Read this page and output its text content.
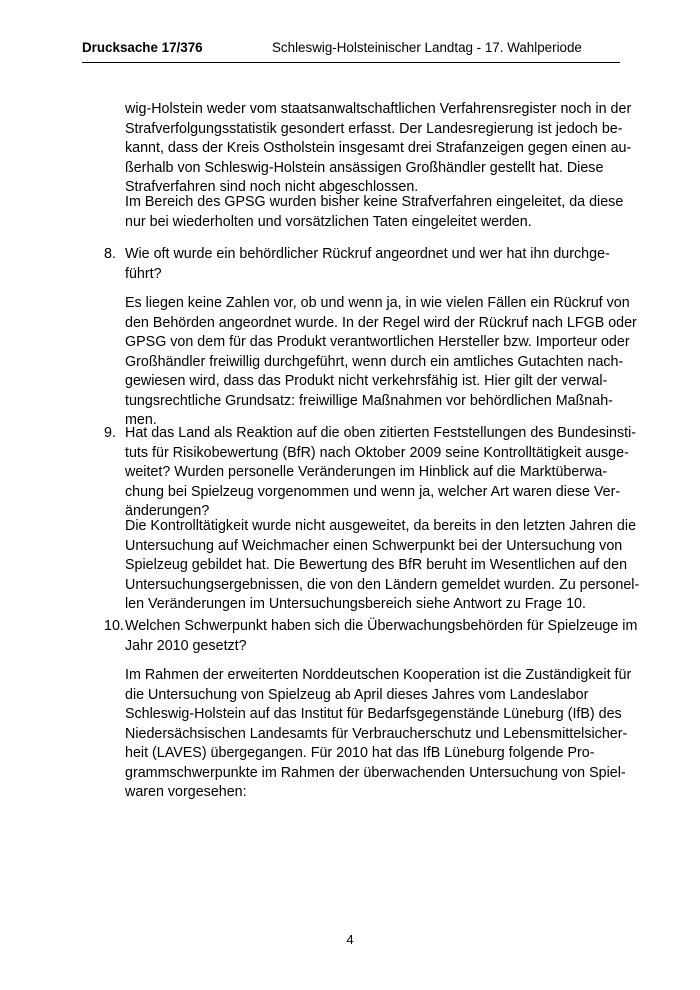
Drucksache 17/376	Schleswig-Holsteinischer Landtag - 17. Wahlperiode
wig-Holstein weder vom staatsanwaltschaftlichen Verfahrensregister noch in der
Strafverfolgungsstatistik gesondert erfasst. Der Landesregierung ist jedoch be-
kannt, dass der Kreis Ostholstein insgesamt drei Strafanzeigen gegen einen au-
ßerhalb von Schleswig-Holstein ansässigen Großhändler gestellt hat. Diese
Strafverfahren sind noch nicht abgeschlossen.
Im Bereich des GPSG wurden bisher keine Strafverfahren eingeleitet, da diese
nur bei wiederholten und vorsätzlichen Taten eingeleitet werden.
8. Wie oft wurde ein behördlicher Rückruf angeordnet und wer hat ihn durchge-
führt?
Es liegen keine Zahlen vor, ob und wenn ja, in wie vielen Fällen ein Rückruf von
den Behörden angeordnet wurde. In der Regel wird der Rückruf nach LFGB oder
GPSG von dem für das Produkt verantwortlichen Hersteller bzw. Importeur oder
Großhändler freiwillig durchgeführt, wenn durch ein amtliches Gutachten nach-
gewiesen wird, dass das Produkt nicht verkehrsfähig ist. Hier gilt der verwal-
tungsrechtliche Grundsatz: freiwillige Maßnahmen vor behördlichen Maßnah-
men.
9. Hat das Land als Reaktion auf die oben zitierten Feststellungen des Bundesinsti-
tuts für Risikobewertung (BfR) nach Oktober 2009 seine Kontrolltätigkeit ausge-
weitet? Wurden personelle Veränderungen im Hinblick auf die Marktüberwa-
chung bei Spielzeug vorgenommen und wenn ja, welcher Art waren diese Ver-
änderungen?
Die Kontrolltätigkeit wurde nicht ausgeweitet, da bereits in den letzten Jahren die
Untersuchung auf Weichmacher einen Schwerpunkt bei der Untersuchung von
Spielzeug gebildet hat. Die Bewertung des BfR beruht im Wesentlichen auf den
Untersuchungsergebnissen, die von den Ländern gemeldet wurden. Zu personel-
len Veränderungen im Untersuchungsbereich siehe Antwort zu Frage 10.
10. Welchen Schwerpunkt haben sich die Überwachungsbehörden für Spielzeuge im
Jahr 2010 gesetzt?
Im Rahmen der erweiterten Norddeutschen Kooperation ist die Zuständigkeit für
die Untersuchung von Spielzeug ab April dieses Jahres vom Landeslabor
Schleswig-Holstein auf das Institut für Bedarfsgegenstände Lüneburg (IfB) des
Niedersächsischen Landesamts für Verbraucherschutz und Lebensmittelsicher-
heit (LAVES) übergegangen. Für 2010 hat das IfB Lüneburg folgende Pro-
grammschwerpunkte im Rahmen der überwachenden Untersuchung von Spiel-
waren vorgesehen:
4
